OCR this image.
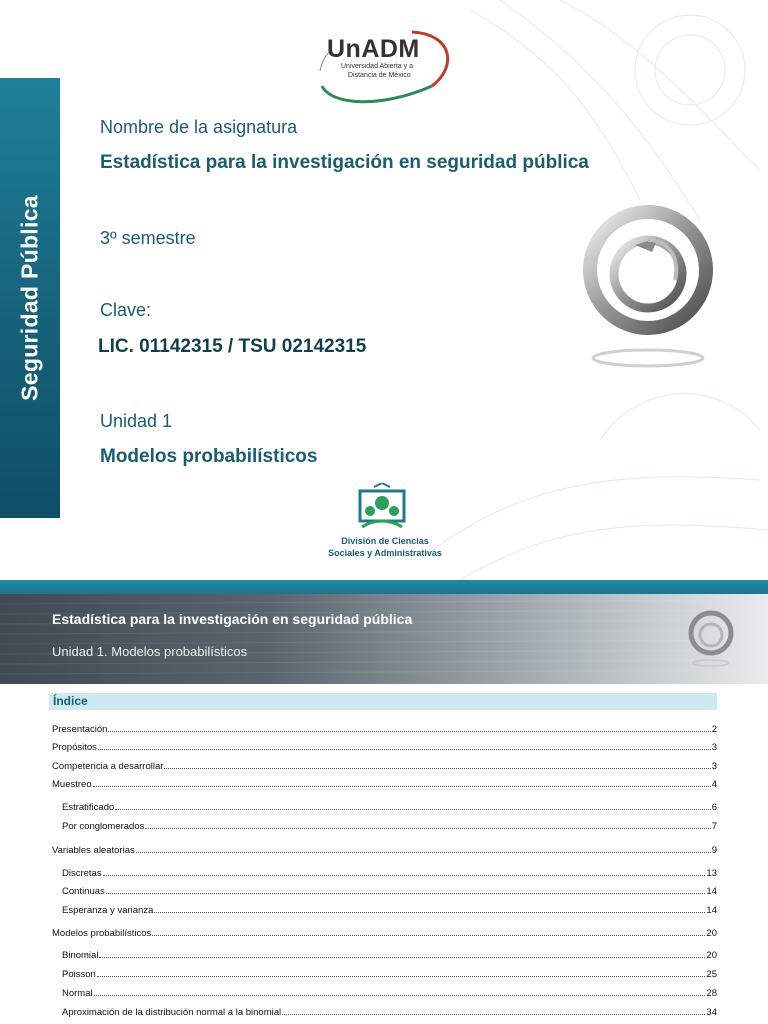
Seguridad Pública
UnADM
Universidad Abierta y a
Distancia de México
Nombre de la asignatura
Estadística para la investigación en seguridad pública
3º semestre
Clave:
LIC. 01142315 / TSU 02142315
Unidad 1
Modelos probabilísticos
División de Ciencias
Sociales y Administrativas
Estadística para la investigación en seguridad pública
Unidad 1. Modelos probabilísticos
Índice
Presentación	2
Propósitos	3
Competencia a desarrollar	3
Muestreo	4
Estratificado	6
Por conglomerados	7
Variables aleatorias	9
Discretas	13
Continuas	14
Esperanza y varianza	14
Modelos probabilísticos	20
Binomial	20
Poisson	25
Normal	28
Aproximación de la distribución normal a la binomial	34
